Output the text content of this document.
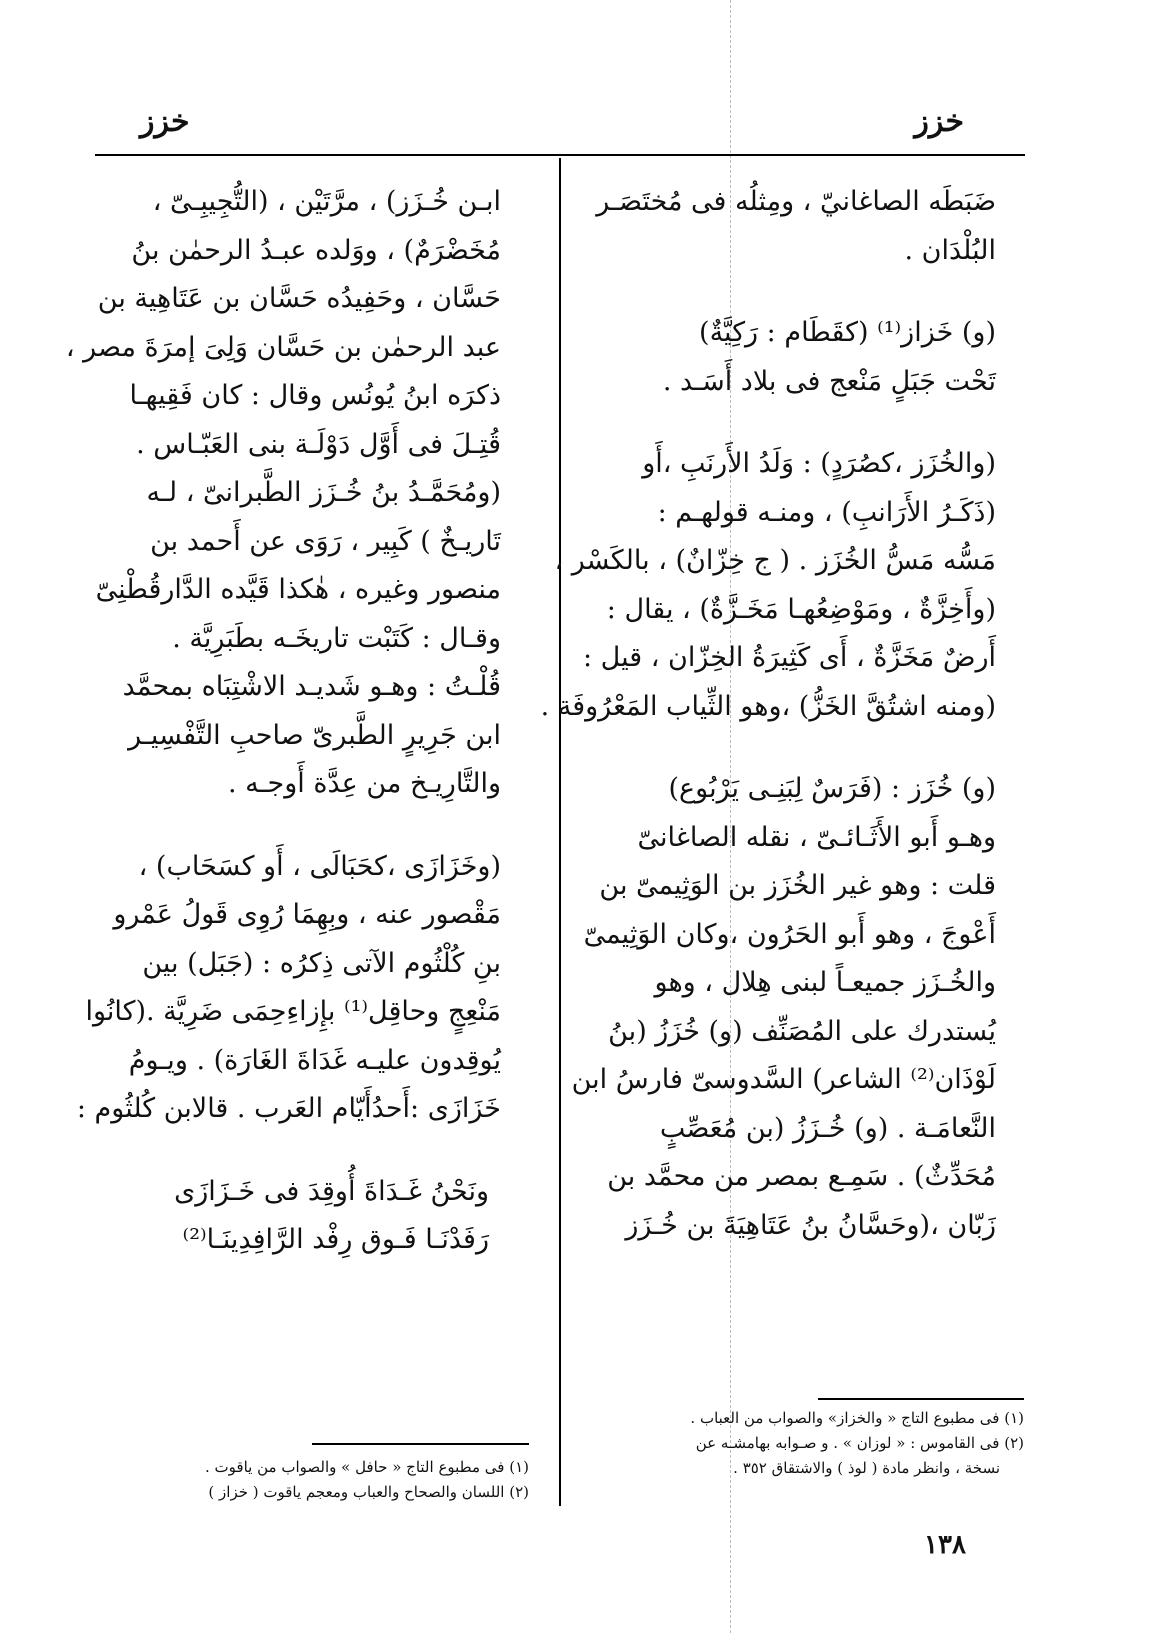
خزز
خزز
ضَبَطَه الصاغانيّ ، ومِثلُه فى مُختَصَـر
البُلْدَان .
(و) خَزاز⁽¹⁾ (كقَطَام : رَكِيَّةٌ)
تَحْت جَبَلٍ مَنْعج فى بلاد أَسَـد .
(والخُزَز ،كصُرَدٍ) : وَلَدُ الأَرنَبِ ،أَو
(ذَكَـرُ الأَرَانبِ) ، ومنـه قولهـم :
مَسُّه مَسُّ الخُزَز . ( ج خِزّانٌ) ، بالكَسْر ،
(وأَخِزَّةٌ ، ومَوْضِعُهـا مَخَـزَّةٌ) ، يقال :
أَرضٌ مَخَزَّةٌ ، أَى كَثِيرَةُ الخِزّان ، قيل :
(ومنه اشتُقَّ الخَزُّ) ،وهو الثِّياب المَعْرُوفَة .
(و) خُزَز : (فَرَسٌ لِبَنِـى يَرْبُوع)
وهـو أَبو الأَثَـائـىّ ، نقله الصاغانىّ
قلت : وهو غير الخُزَز بن الوَثِيمىّ بن
أَعْوجَ ، وهو أَبو الحَرُون ،وكان الوَثِيمىّ
والخُـزَز جميعـاً لبنى هِلال ، وهو
يُستدرك على المُصَنِّف (و) خُزَزُ (بنُ
لَوْذَان⁽²⁾ الشاعر) السَّدوسىّ فارسُ ابن
النَّعامَـة . (و) خُـزَزُ (بن مُعَصِّبٍ
مُحَدِّثٌ) . سَمِـع بمصر من محمَّد بن
زَبّان ،(وحَسَّانُ بنُ عَتَاهِيَةَ بن خُـزَز
ابـن خُـزَز) ، مرَّتَيْن ، (التُّجِيبِـىّ ،
مُخَضْرَمٌ) ، ووَلده عبـدُ الرحمٰن بنُ
حَسَّان ، وحَفِيدُه حَسَّان بن عَتَاهِية بن
عبد الرحمٰن بن حَسَّان وَلِىَ إمرَةَ مصر ،
ذكرَه ابنُ يُونُس وقال : كان فَقِيهـا
قُتِـلَ فى أَوَّل دَوْلَـة بنى العَبّـاس .
(ومُحَمَّـدُ بنُ خُـزَز الطَّبرانىّ ، لـه
تَاريـخٌ ) كَبِير ، رَوَى عن أَحمد بن
منصور وغيره ، هٰكذا قَيَّده الدَّارقُطْنِىّ
وقـال : كَتَبْت تاريخَـه بطَبَرِيَّة .
قُلْـتُ : وهـو شَديـد الاشْتِبَاه بمحمَّد
ابن جَرِيرٍ الطَّبرىّ صاحبِ التَّفْسِيـر
والتَّارِيـخ من عِدَّة أَوجـه .
(وخَزَازَى ،كحَبَالَى ، أَو كسَحَاب) ،
مَقْصور عنه ، وبِهِمَا رُوِى قَولُ عَمْرو
بنِ كُلْثُوم الآتى ذِكرُه : (جَبَل) بين
مَنْعِجٍ وحاقِل⁽¹⁾ بإِزاءِحِمَى ضَرِيَّة .(كانُوا
يُوقِدون عليـه غَدَاةَ الغَارَة) . ويـومُ
خَزَازَى :أَحدُأَيّام العَرب . قالابن كُلثُوم :
ونَحْنُ غَـدَاةَ أُوقِدَ فى خَـزَازَى
رَفَدْنَـا فَـوق رِفْد الرَّافِدِينَـا⁽²⁾
(١) فى مطبوع التاج « والخزاز» والصواب من العباب .
(٢) فى القاموس : « لوزان » . و صـوابه بهامشـه عن
نسخة ، وانظر مادة ( لوذ ) والاشتقاق ٣٥٢ .
(١) فى مطبوع التاج « حافل » والصواب من ياقوت .
(٢) اللسان والصحاح والعباب ومعجم ياقوت ( خزاز )
١٣٨
